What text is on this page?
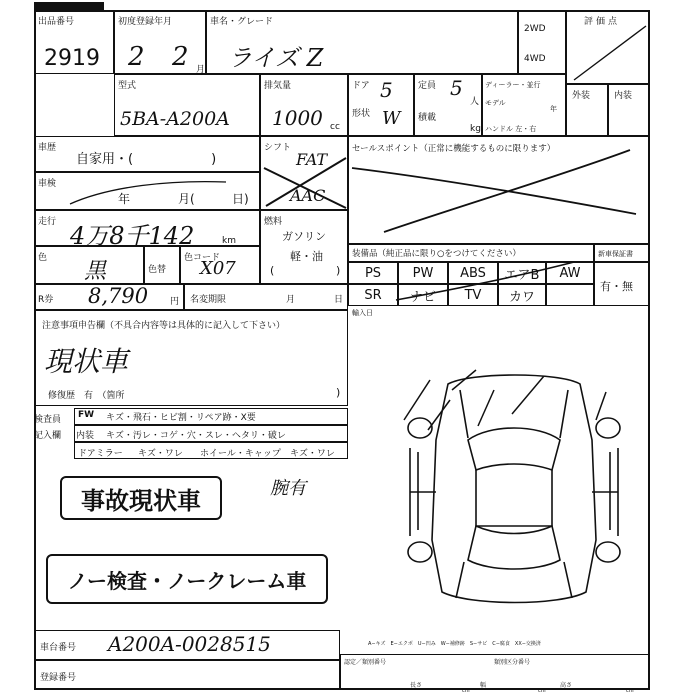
出品番号
2919
初度登録年月
2 2 月
車名・グレード
ライズ Z
2WD
4WD
評価点
外装	内装
型式
5BA-A200A
排気量
1000 cc
ドア 5
形状 W
定員 5
人
積載
kg
ディーラー・並行
モデル
年
ハンドル 左・右
車歴
自家用・(　　　　　　)
シフト
FAT
AAC
セールスポイント（正常に機能するものに限ります）
車検
年	月(	日)
走行 4万8千142	km
燃料
ガソリン
軽・油
(	)
色
黒	色替
色コード
X07
装備品（純正品に限り○をつけてください）	新車保証書
有・無
PS	PW	ABS	エアB	AW
SR	ナビ	TV	カワ
R券 8,790 円 名変期限	月	日
輸入日
注意事項申告欄（不具合内容等は具体的に記入して下さい）
現状車
修復歴　有　（箇所	)
検査員
記入欄
FW キズ・飛石・ヒビ割・リペア跡・X要
内装 キズ・汚レ・コゲ・穴・スレ・ヘタリ・破レ
ドアミラー キズ・ワレ ホイール・キャップ キズ・ワレ
事故現状車	腕有
ノー検査・ノークレーム車
車台番号 A200A-0028515
登録番号
A−キズ　E−エクボ　U−凹み　W−補修跡　S−サビ　C−腐食　XX−交換済
認定／類別番号	類別区分番号
長さ	幅	高さ
cm	cm	cm
